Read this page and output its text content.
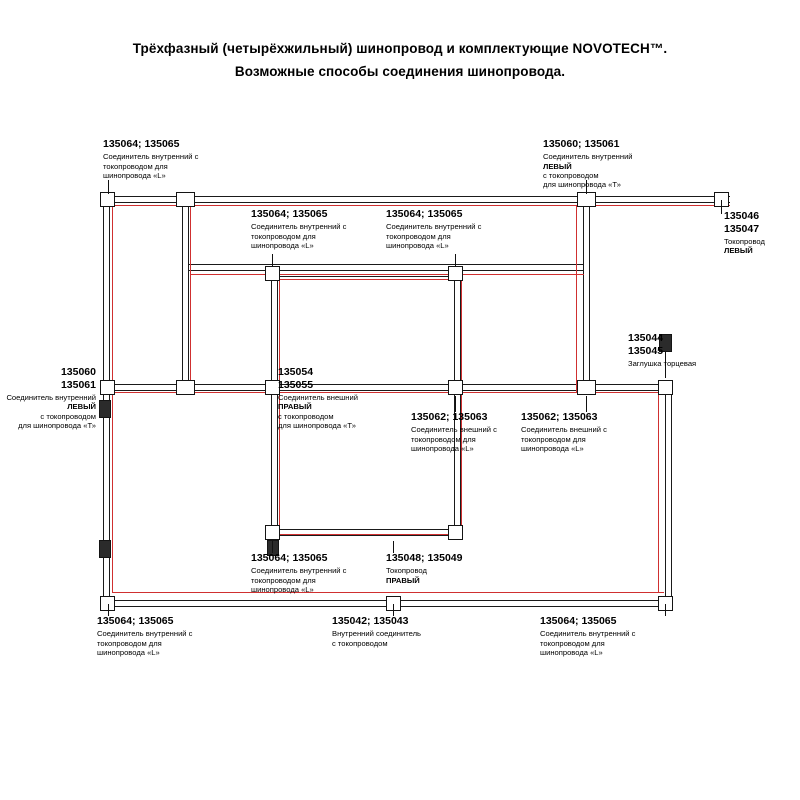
Трёхфазный (четырёхжильный) шинопровод и комплектующие NOVOTECH™.
Возможные способы соединения шинопровода.
135064; 135065
Соединитель внутренний с
токопроводом для
шинопровода «L»
135060; 135061
Соединитель внутренний
ЛЕВЫЙ
с токопроводом
для шинопровода «Т»
135046
135047
Токопровод
ЛЕВЫЙ
135064; 135065
Соединитель внутренний с
токопроводом для
шинопровода «L»
135064; 135065
Соединитель внутренний с
токопроводом для
шинопровода «L»
135044
135045
Заглушка торцевая
135060
135061
Соединитель внутренний
ЛЕВЫЙ
с токопроводом
для шинопровода «Т»
135054
135055
Соединитель внешний
ПРАВЫЙ
с токопроводом
для шинопровода «Т»
135062; 135063
Соединитель внешний с
токопроводом для
шинопровода «L»
135062; 135063
Соединитель внешний с
токопроводом для
шинопровода «L»
135064; 135065
Соединитель внутренний с
токопроводом для
шинопровода «L»
135048; 135049
Токопровод
ПРАВЫЙ
135064; 135065
Соединитель внутренний с
токопроводом для
шинопровода «L»
135042; 135043
Внутренний соединитель
с токопроводом
135064; 135065
Соединитель внутренний с
токопроводом для
шинопровода «L»
